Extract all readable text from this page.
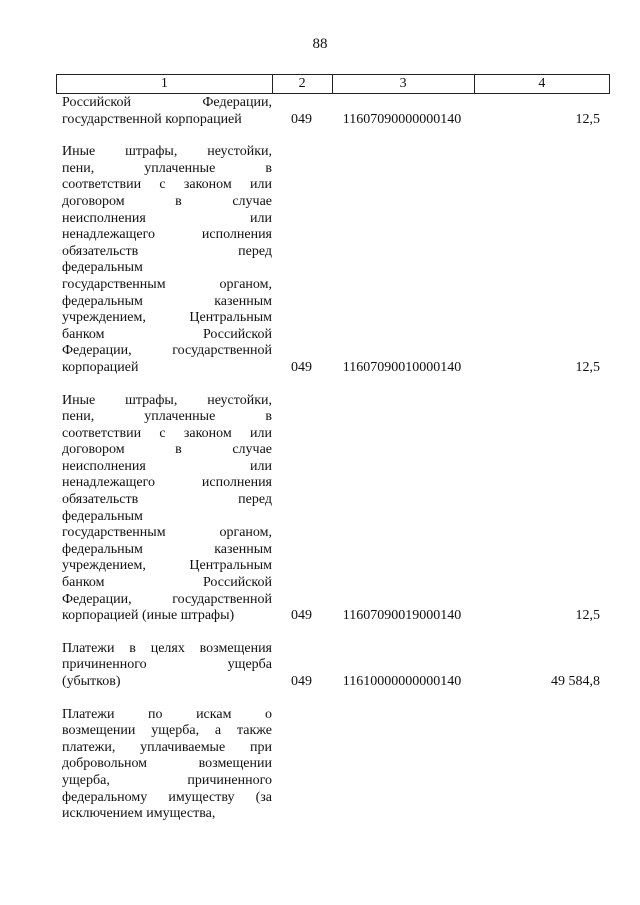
88
1	2	3	4
Российской Федерации,
государственной корпорацией	049	11607090000000140	12,5
Иные штрафы, неустойки,
пени, уплаченные в
соответствии с законом или
договором в случае
неисполнения или
ненадлежащего исполнения
обязательств перед
федеральным
государственным органом,
федеральным казенным
учреждением, Центральным
банком Российской
Федерации, государственной
корпорацией	049	11607090010000140	12,5
Иные штрафы, неустойки,
пени, уплаченные в
соответствии с законом или
договором в случае
неисполнения или
ненадлежащего исполнения
обязательств перед
федеральным
государственным органом,
федеральным казенным
учреждением, Центральным
банком Российской
Федерации, государственной
корпорацией (иные штрафы)	049	11607090019000140	12,5
Платежи в целях возмещения
причиненного ущерба
(убытков)	049	11610000000000140	49 584,8
Платежи по искам о
возмещении ущерба, а также
платежи, уплачиваемые при
добровольном возмещении
ущерба, причиненного
федеральному имуществу (за
исключением имущества,
